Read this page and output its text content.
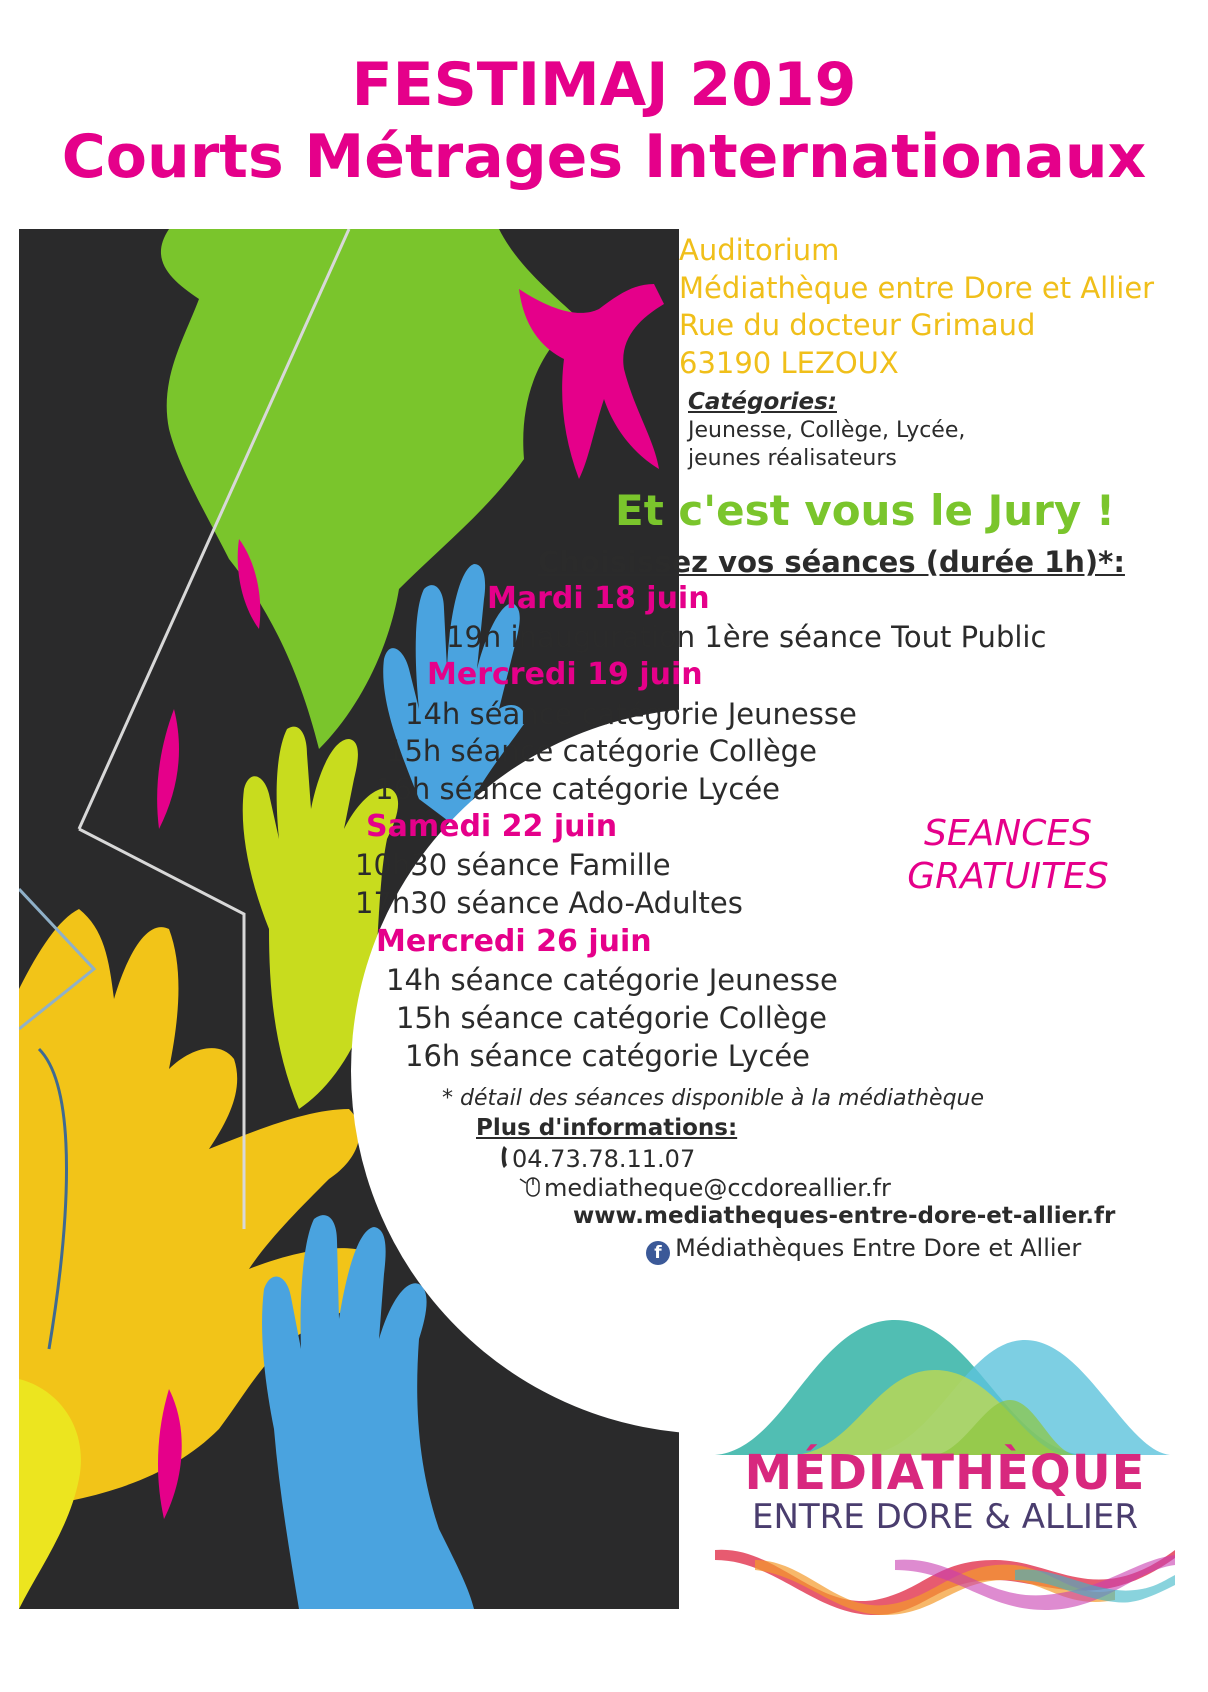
FESTIMAJ 2019
Courts Métrages Internationaux
Auditorium
Médiathèque entre Dore et Allier
Rue du docteur Grimaud
63190 LEZOUX
Catégories:
Jeunesse, Collège, Lycée,
jeunes réalisateurs
Et c'est vous le Jury !
Choisissez vos séances (durée 1h)*:
Mardi 18 juin
19h inauguration 1ère séance Tout Public
Mercredi 19 juin
14h séance catégorie Jeunesse
15h séance catégorie Collège
16h séance catégorie Lycée
Samedi 22 juin
10h30 séance Famille
17h30 séance Ado-Adultes
Mercredi 26 juin
14h séance catégorie Jeunesse
15h séance catégorie Collège
16h séance catégorie Lycée
SEANCES
GRATUITES
* détail des séances disponible à la médiathèque
Plus d'informations:
04.73.78.11.07
mediatheque@ccdoreallier.fr
www.mediatheques-entre-dore-et-allier.fr
f Médiathèques Entre Dore et Allier
MÉDIATHÈQUE
ENTRE DORE & ALLIER
